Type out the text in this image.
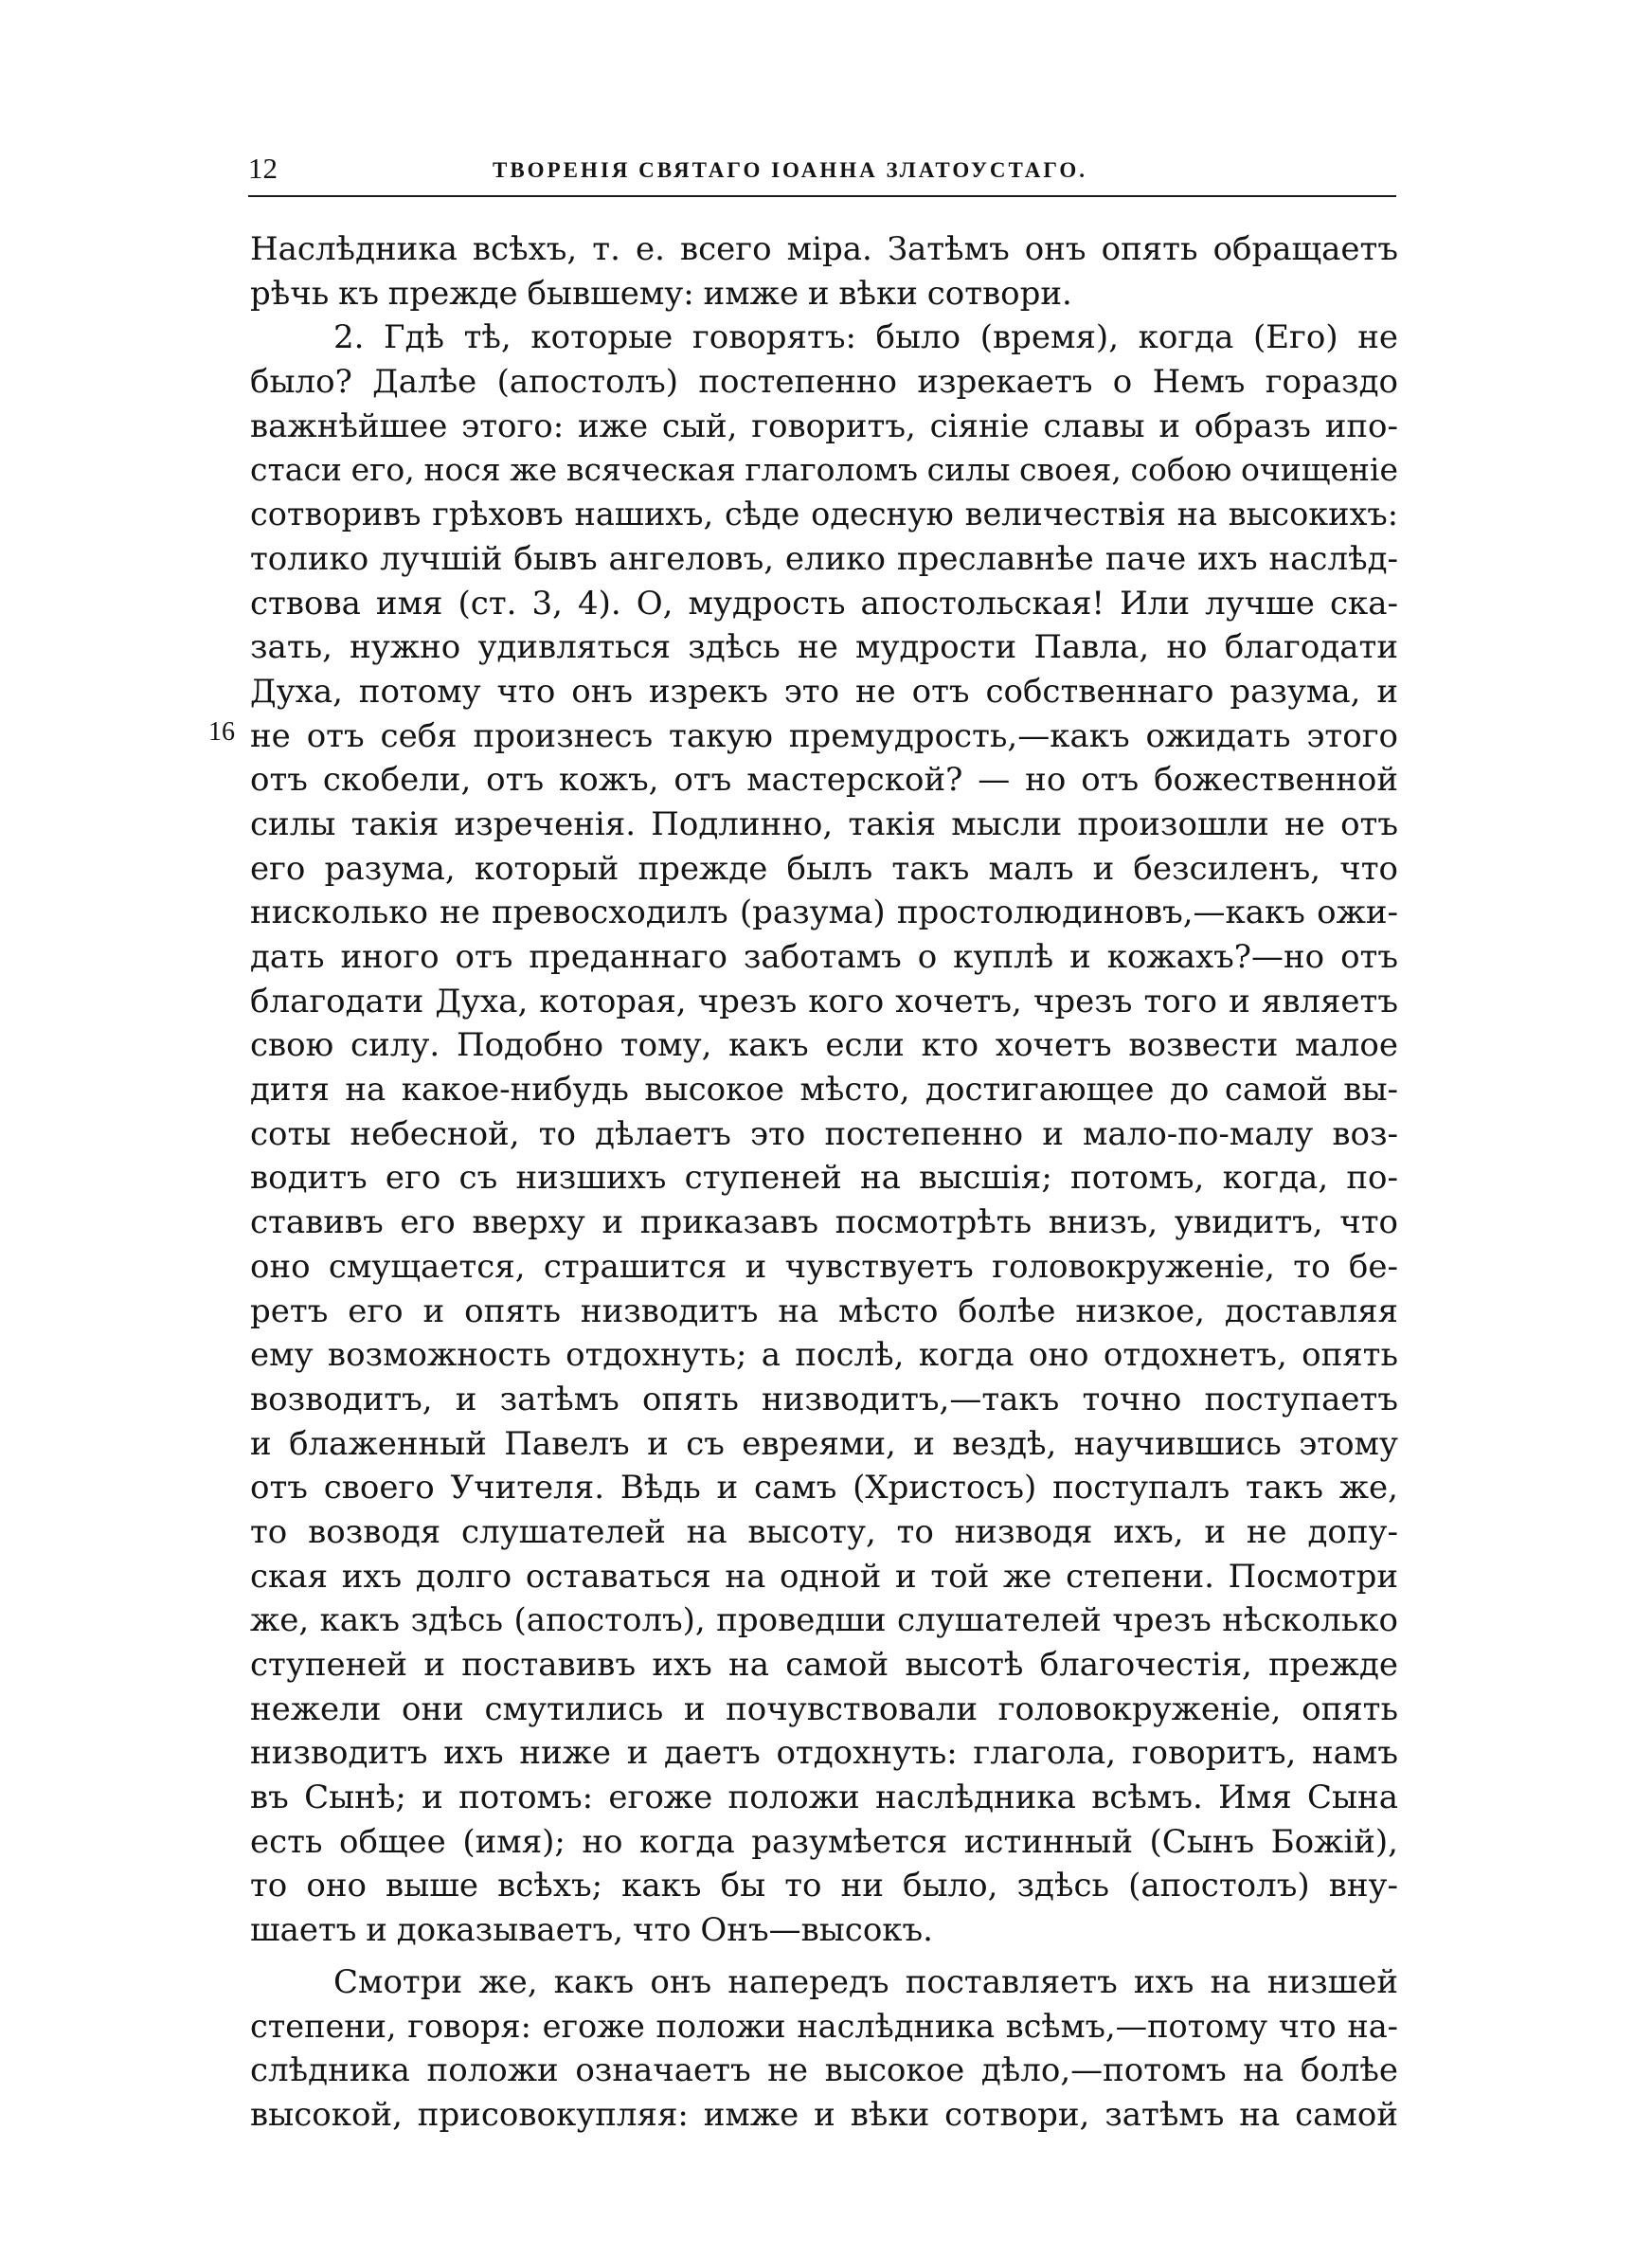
12	ТВОРЕНІЯ СВЯТАГО ІОАННА ЗЛАТОУСТАГО.
16
Наслѣдника всѣхъ, т. е. всего міра. Затѣмъ онъ опять обращаетъ
рѣчь къ прежде бывшему: имже и вѣки сотвори.
2. Гдѣ тѣ, которые говорятъ: было (время), когда (Его) не
было? Далѣе (апостолъ) постепенно изрекаетъ о Немъ гораздо
важнѣйшее этого: иже сый, говоритъ, сіяніе славы и образъ ипо-
стаси его, нося же всяческая глаголомъ силы своея, собою очищеніе
сотворивъ грѣховъ нашихъ, сѣде одесную величествія на высокихъ:
толико лучшій бывъ ангеловъ, елико преславнѣе паче ихъ наслѣд-
ствова имя (ст. 3, 4). О, мудрость апостольская! Или лучше ска-
зать, нужно удивляться здѣсь не мудрости Павла, но благодати
Духа, потому что онъ изрекъ это не отъ собственнаго разума, и
не отъ себя произнесъ такую премудрость,—какъ ожидать этого
отъ скобели, отъ кожъ, отъ мастерской? — но отъ божественной
силы такія изреченія. Подлинно, такія мысли произошли не отъ
его разума, который прежде былъ такъ малъ и безсиленъ, что
нисколько не превосходилъ (разума) простолюдиновъ,—какъ ожи-
дать иного отъ преданнаго заботамъ о куплѣ и кожахъ?—но отъ
благодати Духа, которая, чрезъ кого хочетъ, чрезъ того и являетъ
свою силу. Подобно тому, какъ если кто хочетъ возвести малое
дитя на какое-нибудь высокое мѣсто, достигающее до самой вы-
соты небесной, то дѣлаетъ это постепенно и мало-по-малу воз-
водитъ его съ низшихъ ступеней на высшія; потомъ, когда, по-
ставивъ его вверху и приказавъ посмотрѣть внизъ, увидитъ, что
оно смущается, страшится и чувствуетъ головокруженіе, то бе-
ретъ его и опять низводитъ на мѣсто болѣе низкое, доставляя
ему возможность отдохнуть; а послѣ, когда оно отдохнетъ, опять
возводитъ, и затѣмъ опять низводитъ,—такъ точно поступаетъ
и блаженный Павелъ и съ евреями, и вездѣ, научившись этому
отъ своего Учителя. Вѣдь и самъ (Христосъ) поступалъ такъ же,
то возводя слушателей на высоту, то низводя ихъ, и не допу-
ская ихъ долго оставаться на одной и той же степени. Посмотри
же, какъ здѣсь (апостолъ), проведши слушателей чрезъ нѣсколько
ступеней и поставивъ ихъ на самой высотѣ благочестія, прежде
нежели они смутились и почувствовали головокруженіе, опять
низводитъ ихъ ниже и даетъ отдохнуть: глагола, говоритъ, намъ
въ Сынѣ; и потомъ: егоже положи наслѣдника всѣмъ. Имя Сына
есть общее (имя); но когда разумѣется истинный (Сынъ Божій),
то оно выше всѣхъ; какъ бы то ни было, здѣсь (апостолъ) вну-
шаетъ и доказываетъ, что Онъ—высокъ.
Смотри же, какъ онъ напередъ поставляетъ ихъ на низшей
степени, говоря: егоже положи наслѣдника всѣмъ,—потому что на-
слѣдника положи означаетъ не высокое дѣло,—потомъ на болѣе
высокой, присовокупляя: имже и вѣки сотвори, затѣмъ на самой
